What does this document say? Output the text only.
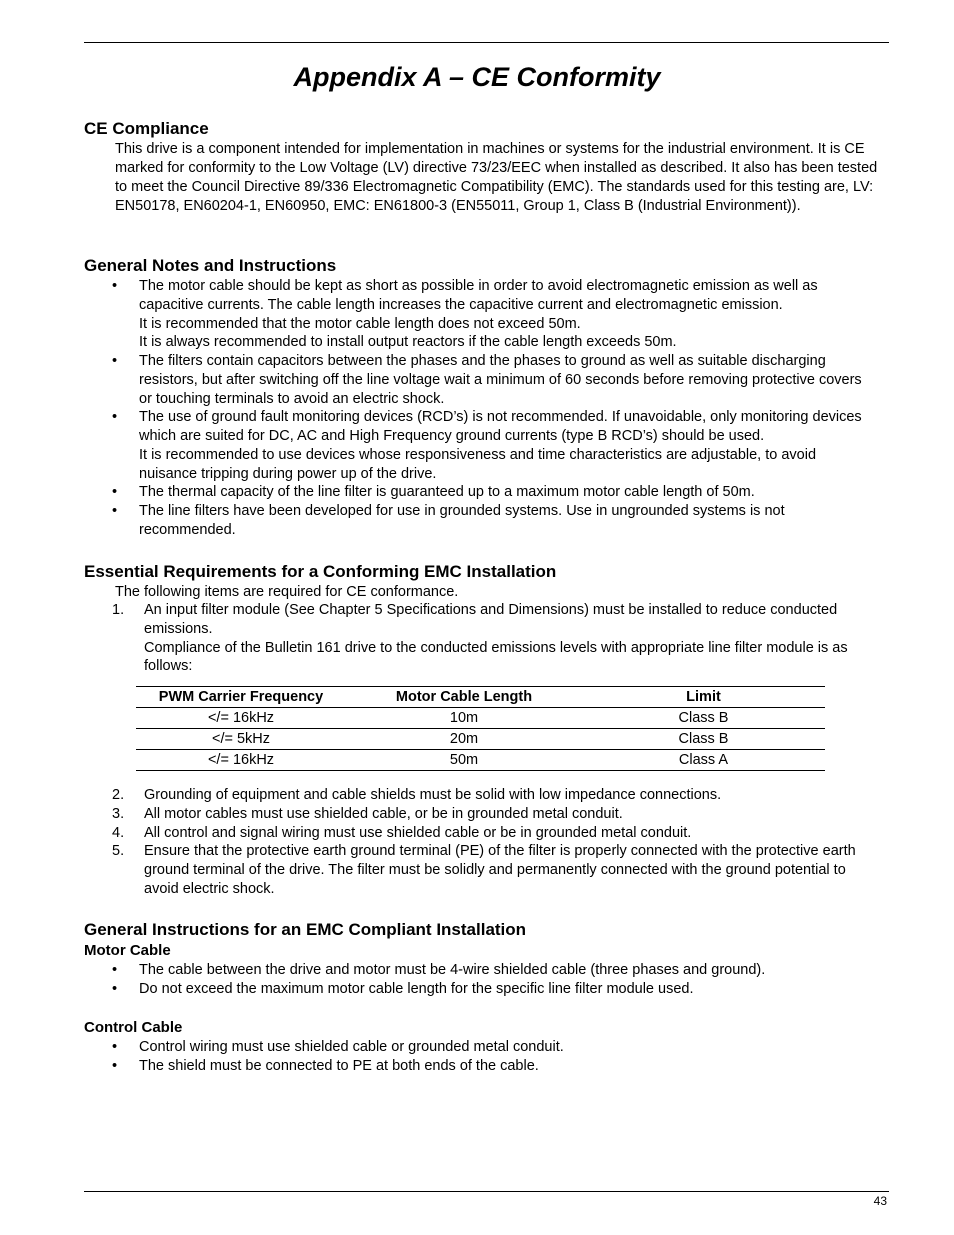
Appendix A – CE Conformity
CE Compliance

This drive is a component intended for implementation in machines or systems for the industrial environment. It is CE marked for conformity to the Low Voltage (LV) directive 73/23/EEC when installed as described. It also has been tested to meet the Council Directive 89/336 Electromagnetic Compatibility (EMC). The standards used for this testing are, LV: EN50178, EN60204-1, EN60950, EMC: EN61800-3 (EN55011, Group 1, Class B (Industrial Environment)).

General Notes and Instructions
• The motor cable should be kept as short as possible in order to avoid electromagnetic emission as well as capacitive currents. The cable length increases the capacitive current and electromagnetic emission.
It is recommended that the motor cable length does not exceed 50m.
It is always recommended to install output reactors if the cable length exceeds 50m.
• The filters contain capacitors between the phases and the phases to ground as well as suitable discharging resistors, but after switching off the line voltage wait a minimum of 60 seconds before removing protective covers or touching terminals to avoid an electric shock.
• The use of ground fault monitoring devices (RCD’s) is not recommended. If unavoidable, only monitoring devices which are suited for DC, AC and High Frequency ground currents (type B RCD’s) should be used.
It is recommended to use devices whose responsiveness and time characteristics are adjustable, to avoid nuisance tripping during power up of the drive.
• The thermal capacity of the line filter is guaranteed up to a maximum motor cable length of 50m.
• The line filters have been developed for use in grounded systems. Use in ungrounded systems is not recommended.
Essential Requirements for a Conforming EMC Installation

The following items are required for CE conformance.

1. An input filter module (See Chapter 5 Specifications and Dimensions) must be installed to reduce conducted emissions.
Compliance of the Bulletin 161 drive to the conducted emissions levels with appropriate line filter module is as follows:
PWM Carrier Frequency	Motor Cable Length	Limit
</= 16kHz	10m	Class B
</= 5kHz	20m	Class B
</= 16kHz	50m	Class A
2. Grounding of equipment and cable shields must be solid with low impedance connections.
3. All motor cables must use shielded cable, or be in grounded metal conduit.
4. All control and signal wiring must use shielded cable or be in grounded metal conduit.
5. Ensure that the protective earth ground terminal (PE) of the filter is properly connected with the protective earth ground terminal of the drive. The filter must be solidly and permanently connected with the ground potential to avoid electric shock.
General Instructions for an EMC Compliant Installation
Motor Cable
• The cable between the drive and motor must be 4-wire shielded cable (three phases and ground).
• Do not exceed the maximum motor cable length for the specific line filter module used.
Control Cable
• Control wiring must use shielded cable or grounded metal conduit.
• The shield must be connected to PE at both ends of the cable.
43
